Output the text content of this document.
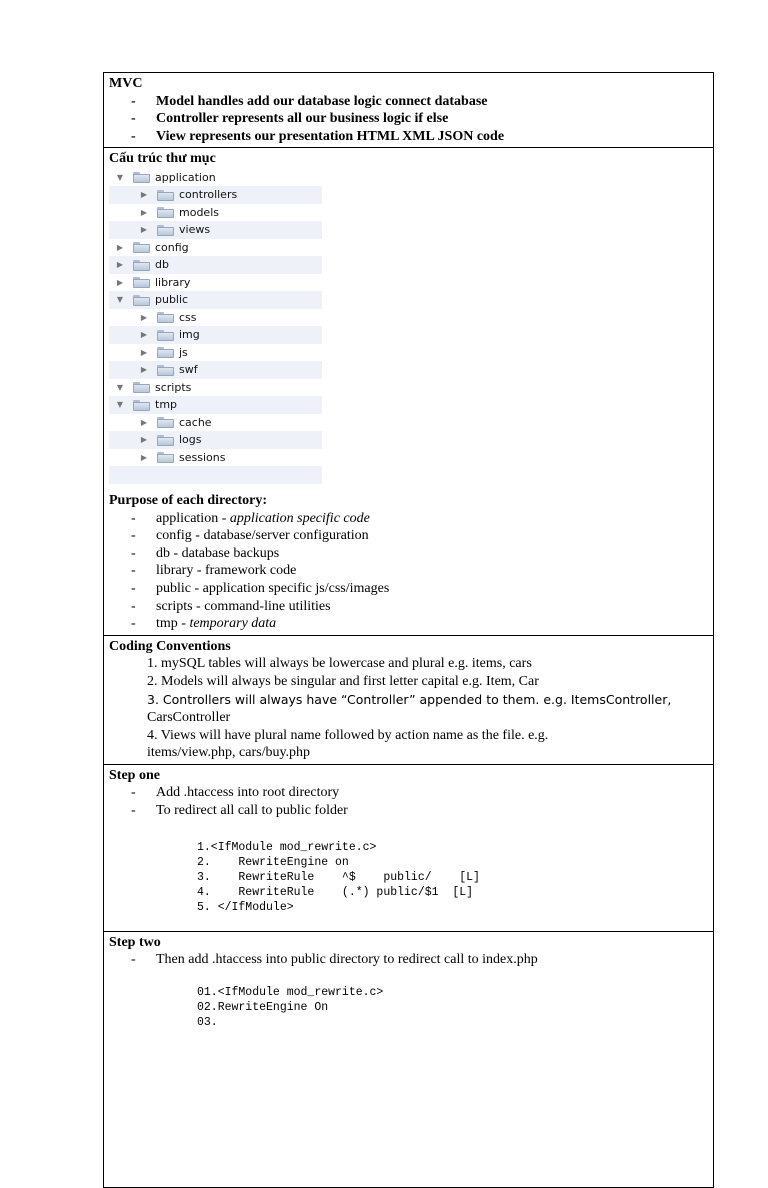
MVC
- Model handles add our database logic connect database
- Controller represents all our business logic if else
- View represents our presentation HTML XML JSON code
Cấu trúc thư mục
▼	application
▶	controllers
▶	models
▶	views
▶	config
▶	db
▶	library
▼	public
▶	css
▶	img
▶	js
▶	swf
▼	scripts
▼	tmp
▶	cache
▶	logs
▶	sessions
Purpose of each directory:
- application - application specific code
- config - database/server configuration
- db - database backups
- library - framework code
- public - application specific js/css/images
- scripts - command-line utilities
- tmp - temporary data
Coding Conventions
1. mySQL tables will always be lowercase and plural e.g. items, cars
2. Models will always be singular and first letter capital e.g. Item, Car
3. Controllers will always have “Controller” appended to them. e.g. ItemsController,
CarsController
4. Views will have plural name followed by action name as the file. e.g.
items/view.php, cars/buy.php
Step one
- Add .htaccess into root directory
- To redirect all call to public folder
1.<IfModule mod_rewrite.c>
2.    RewriteEngine on
3.    RewriteRule    ^$    public/    [L]
4.    RewriteRule    (.*) public/$1  [L]
5. </IfModule>
Step two
- Then add .htaccess into public directory to redirect call to index.php
01.<IfModule mod_rewrite.c>
02.RewriteEngine On
03.
